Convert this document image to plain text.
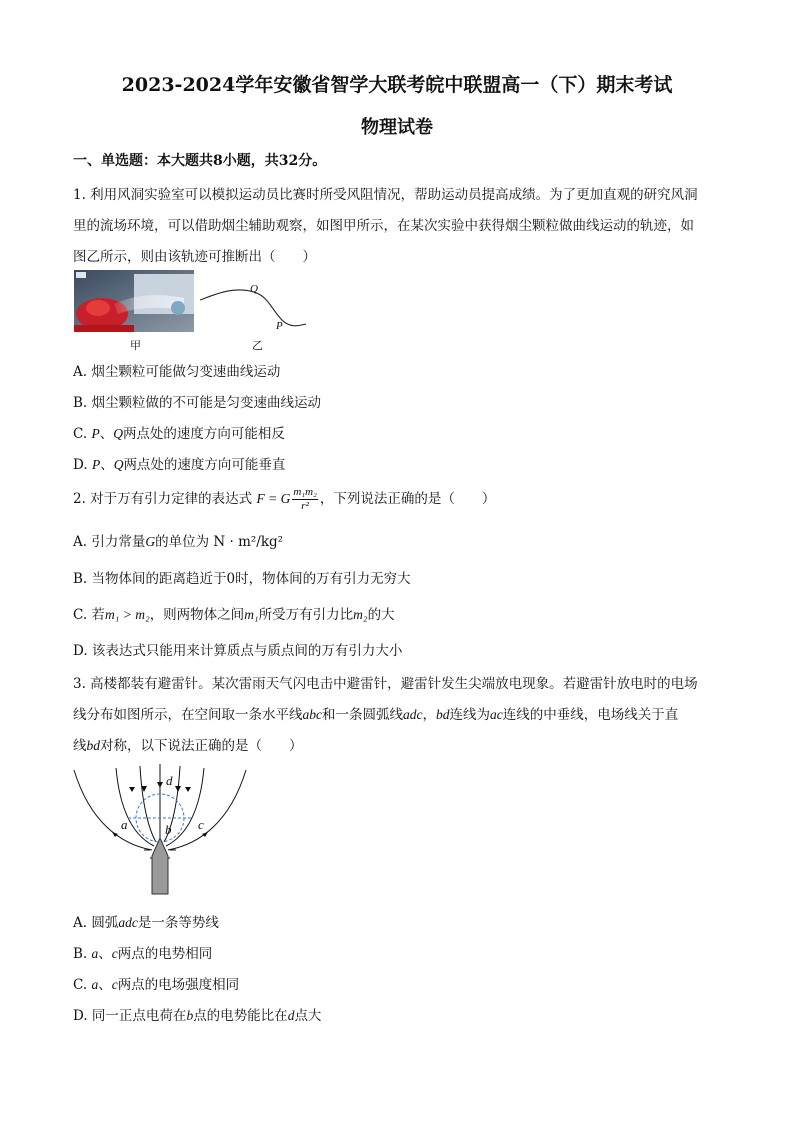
2023-2024学年安徽省智学大联考皖中联盟高一（下）期末考试
物理试卷
一、单选题：本大题共8小题，共32分。
1. 利用风洞实验室可以模拟运动员比赛时所受风阻情况，帮助运动员提高成绩。为了更加直观的研究风洞
里的流场环境，可以借助烟尘辅助观察，如图甲所示，在某次实验中获得烟尘颗粒做曲线运动的轨迹，如
图乙所示，则由该轨迹可推断出（　　）
甲
Q
P
乙
A. 烟尘颗粒可能做匀变速曲线运动
B. 烟尘颗粒做的不可能是匀变速曲线运动
C. P、Q两点处的速度方向可能相反
D. P、Q两点处的速度方向可能垂直
2. 对于万有引力定律的表达式 F = G $\frac{\text{m₁m₂}}{\text{r²}}$ ，下列说法正确的是（　　）
A. 引力常量G的单位为 N · m²/kg²
B. 当物体间的距离趋近于0时，物体间的万有引力无穷大
C. 若m₁ > m₂，则两物体之间m₁所受万有引力比m₂的大
D. 该表达式只能用来计算质点与质点间的万有引力大小
3. 高楼都装有避雷针。某次雷雨天气闪电击中避雷针，避雷针发生尖端放电现象。若避雷针放电时的电场
线分布如图所示，在空间取一条水平线abc和一条圆弧线adc，bd连线为ac连线的中垂线，电场线关于直
线bd对称，以下说法正确的是（　　）
d
a	b c
A. 圆弧adc是一条等势线
B. a、c两点的电势相同
C. a、c两点的电场强度相同
D. 同一正点电荷在b点的电势能比在d点大
